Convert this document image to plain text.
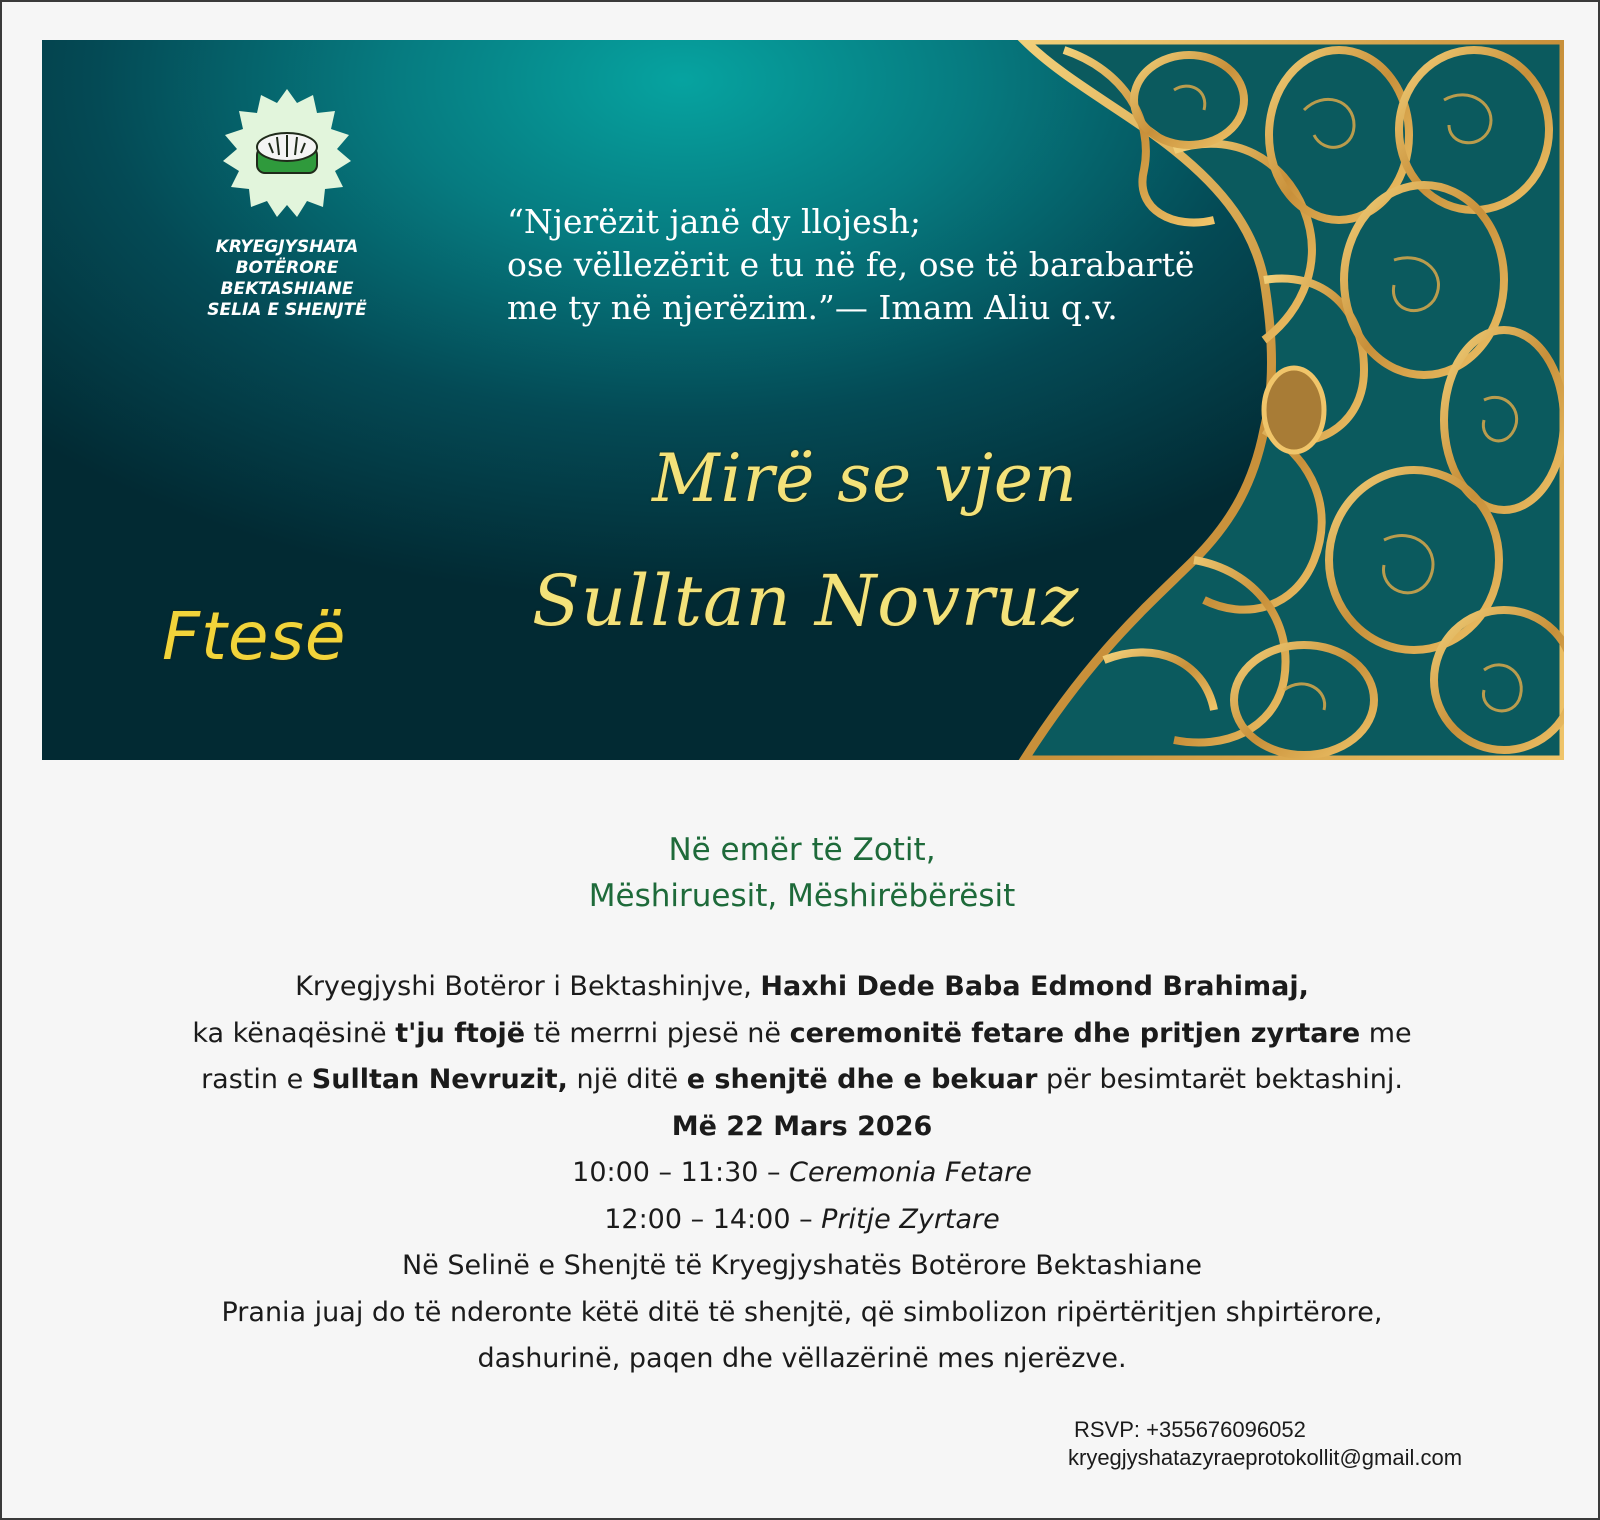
KRYEGJYSHATA
BOTËRORE BEKTASHIANE
SELIA E SHENJTË
“Njerëzit janë dy llojesh;
ose vëllezërit e tu në fe, ose të barabartë
me ty në njerëzim.”— Imam Aliu q.v.
Mirë se vjen
Sulltan Novruz
Ftesë
Në emër të Zotit,
Mëshiruesit, Mëshirëbërësit
Kryegjyshi Botëror i Bektashinjve, Haxhi Dede Baba Edmond Brahimaj,
ka kënaqësinë t'ju ftojë të merrni pjesë në ceremonitë fetare dhe pritjen zyrtare me
rastin e Sulltan Nevruzit, një ditë e shenjtë dhe e bekuar për besimtarët bektashinj.
Më 22 Mars 2026
10:00 – 11:30 – Ceremonia Fetare
12:00 – 14:00 – Pritje Zyrtare
Në Selinë e Shenjtë të Kryegjyshatës Botërore Bektashiane
Prania juaj do të nderonte këtë ditë të shenjtë, që simbolizon ripërtëritjen shpirtërore,
dashurinë, paqen dhe vëllazërinë mes njerëzve.
RSVP: +355676096052
kryegjyshatazyraeprotokollit@gmail.com
